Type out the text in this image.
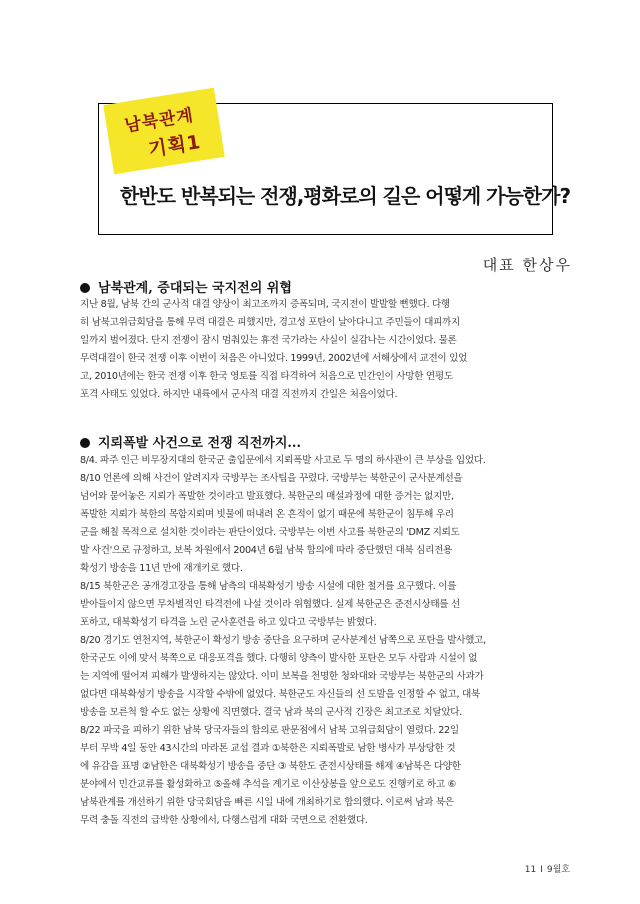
남북관계
기획1
한반도 반복되는 전쟁,평화로의 길은 어떻게 가능한가?
대표 한상우
남북관계, 증대되는 국지전의 위협

지난 8월, 남북 간의 군사적 대결 양상이 최고조까지 증폭되며, 국지전이 발발할 뻔했다. 다행

히 남북고위급회담을 통해 무력 대결은 피했지만, 경고성 포탄이 날아다니고 주민들이 대피까지

일까지 벌어졌다. 단지 전쟁이 잠시 멈춰있는 휴전 국가라는 사실이 실감나는 시간이었다. 물론

무력대결이 한국 전쟁 이후 이번이 처음은 아니었다. 1999년, 2002년에 서해상에서 교전이 있었

고, 2010년에는 한국 전쟁 이후 한국 영토를 직접 타격하여 처음으로 민간인이 사망한 연평도

포격 사태도 있었다. 하지만 내륙에서 군사적 대결 직전까지 간일은 처음이었다.

지뢰폭발 사건으로 전쟁 직전까지...

8/4. 파주 인근 비무장지대의 한국군 출입문에서 지뢰폭발 사고로 두 명의 하사관이 큰 부상을 입었다.

8/10 언론에 의해 사건이 알려지자 국방부는 조사팀을 꾸렸다. 국방부는 북한군이 군사분계선을

넘어와 묻어놓은 지뢰가 폭발한 것이라고 발표했다. 북한군의 매설과정에 대한 증거는 없지만,

폭발한 지뢰가 북한의 목함지뢰며 빗물에 떠내려 온 흔적이 없기 때문에 북한군이 침투해 우리

군을 해칠 목적으로 설치한 것이라는 판단이었다. 국방부는 이번 사고를 북한군의 'DMZ 지뢰도

발 사건'으로 규정하고, 보복 차원에서 2004년 6월 남북 합의에 따라 중단했던 대북 심리전용

확성기 방송을 11년 만에 재개키로 했다.

8/15 북한군은 공개경고장을 통해 남측의 대북확성기 방송 시설에 대한 철거를 요구했다. 이를

받아들이지 않으면 무차별적인 타격전에 나설 것이라 위협했다. 실제 북한군은 준전시상태를 선

포하고, 대북확성기 타격을 노린 군사훈련을 하고 있다고 국방부는 밝혔다.

8/20 경기도 연천지역, 북한군이 확성기 방송 중단을 요구하며 군사분계선 남쪽으로 포탄을 발사했고,

한국군도 이에 맞서 북쪽으로 대응포격을 했다. 다행히 양측이 발사한 포탄은 모두 사람과 시설이 없

는 지역에 떨어져 피해가 발생하지는 않았다. 이미 보복을 천명한 청와대와 국방부는 북한군의 사과가

없다면 대북확성기 방송을 시작할 수밖에 없었다. 북한군도 자신들의 선 도발을 인정할 수 없고, 대북

방송을 모른척 할 수도 없는 상황에 직면했다. 결국 남과 북의 군사적 긴장은 최고조로 치달았다.

8/22 파국을 피하기 위한 남북 당국자들의 합의로 판문점에서 남북 고위급회담이 열렸다. 22일

부터 무박 4일 동안 43시간의 마라톤 교섭 결과 ①북한은 지뢰폭발로 남한 병사가 부상당한 것

에 유감을 표명 ②남한은 대북확성기 방송을 중단 ③ 북한도 준전시상태를 해제 ④남북은 다양한

분야에서 민간교류를 활성화하고 ⑤올해 추석을 계기로 이산상봉을 앞으로도 진행키로 하고 ⑥

남북관계를 개선하기 위한 당국회담을 빠른 시일 내에 개최하기로 합의했다. 이로써 남과 북은

무력 충돌 직전의 급박한 상황에서, 다행스럽게 대화 국면으로 전환했다.

11 I 9월호
